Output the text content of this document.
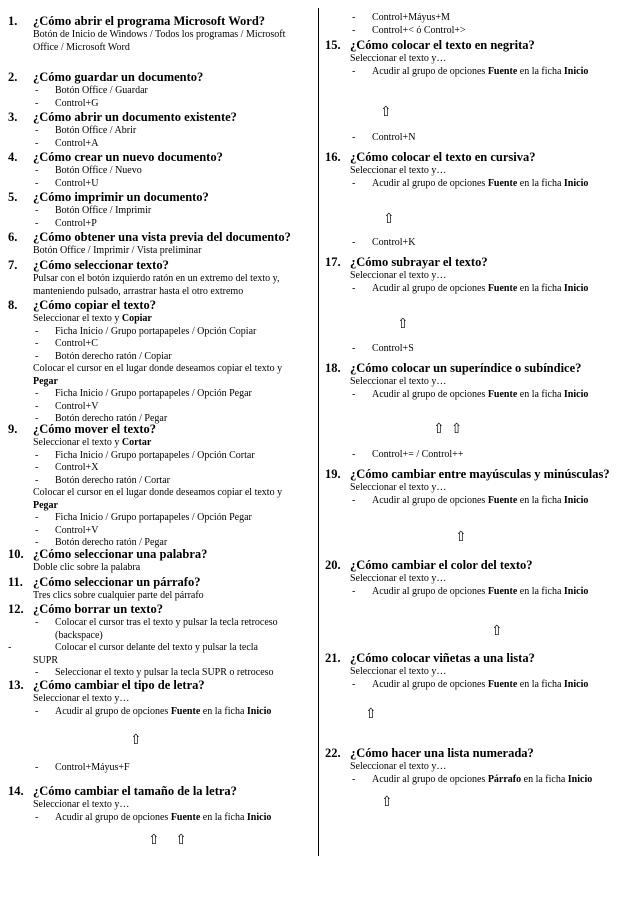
1. ¿Cómo abrir el programa Microsoft Word?
Botón de Inicio de Windows / Todos los programas / Microsoft
Office / Microsoft Word
2. ¿Cómo guardar un documento?
- Botón Office / Guardar
- Control+G
3. ¿Cómo abrir un documento existente?
- Botón Office / Abrir
- Control+A
4. ¿Cómo crear un nuevo documento?
- Botón Office / Nuevo
- Control+U
5. ¿Cómo imprimir un documento?
- Botón Office / Imprimir
- Control+P
6. ¿Cómo obtener una vista previa del documento?
Botón Office / Imprimir / Vista preliminar
7. ¿Cómo seleccionar texto?
Pulsar con el botón izquierdo ratón en un extremo del texto y,
manteniendo pulsado, arrastrar hasta el otro extremo
8. ¿Cómo copiar el texto?
Seleccionar el texto y Copiar
- Ficha Inicio / Grupo portapapeles / Opción Copiar
- Control+C
- Botón derecho ratón / Copiar
Colocar el cursor en el lugar donde deseamos copiar el texto y
Pegar
- Ficha Inicio / Grupo portapapeles / Opción Pegar
- Control+V
- Botón derecho ratón / Pegar
9. ¿Cómo mover el texto?
Seleccionar el texto y Cortar
- Ficha Inicio / Grupo portapapeles / Opción Cortar
- Control+X
- Botón derecho ratón / Cortar
Colocar el cursor en el lugar donde deseamos copiar el texto y
Pegar
- Ficha Inicio / Grupo portapapeles / Opción Pegar
- Control+V
- Botón derecho ratón / Pegar
10. ¿Cómo seleccionar una palabra?
Doble clic sobre la palabra
11. ¿Cómo seleccionar un párrafo?
Tres clics sobre cualquier parte del párrafo
12. ¿Cómo borrar un texto?
- Colocar el cursor tras el texto y pulsar la tecla retroceso
(backspace)
-	Colocar el cursor delante del texto y pulsar la tecla
SUPR
- Seleccionar el texto y pulsar la tecla SUPR o retroceso
13. ¿Cómo cambiar el tipo de letra?
Seleccionar el texto y…
- Acudir al grupo de opciones Fuente en la ficha Inicio
⇧
- Control+Máyus+F
14. ¿Cómo cambiar el tamaño de la letra?
Seleccionar el texto y…
- Acudir al grupo de opciones Fuente en la ficha Inicio
⇧ ⇧
- Control+Máyus+M
- Control+< ó Control+>
15. ¿Cómo colocar el texto en negrita?
Seleccionar el texto y…
- Acudir al grupo de opciones Fuente en la ficha Inicio
⇧
- Control+N
16. ¿Cómo colocar el texto en cursiva?
Seleccionar el texto y…
- Acudir al grupo de opciones Fuente en la ficha Inicio
⇧
- Control+K
17. ¿Cómo subrayar el texto?
Seleccionar el texto y…
- Acudir al grupo de opciones Fuente en la ficha Inicio
⇧
- Control+S
18. ¿Cómo colocar un superíndice o subíndice?
Seleccionar el texto y…
- Acudir al grupo de opciones Fuente en la ficha Inicio
⇧⇧
- Control+= / Control++
19. ¿Cómo cambiar entre mayúsculas y minúsculas?
Seleccionar el texto y…
- Acudir al grupo de opciones Fuente en la ficha Inicio
⇧
20. ¿Cómo cambiar el color del texto?
Seleccionar el texto y…
- Acudir al grupo de opciones Fuente en la ficha Inicio
⇧
21. ¿Cómo colocar viñetas a una lista?
Seleccionar el texto y…
- Acudir al grupo de opciones Fuente en la ficha Inicio
⇧
22. ¿Cómo hacer una lista numerada?
Seleccionar el texto y…
- Acudir al grupo de opciones Párrafo en la ficha Inicio
⇧
